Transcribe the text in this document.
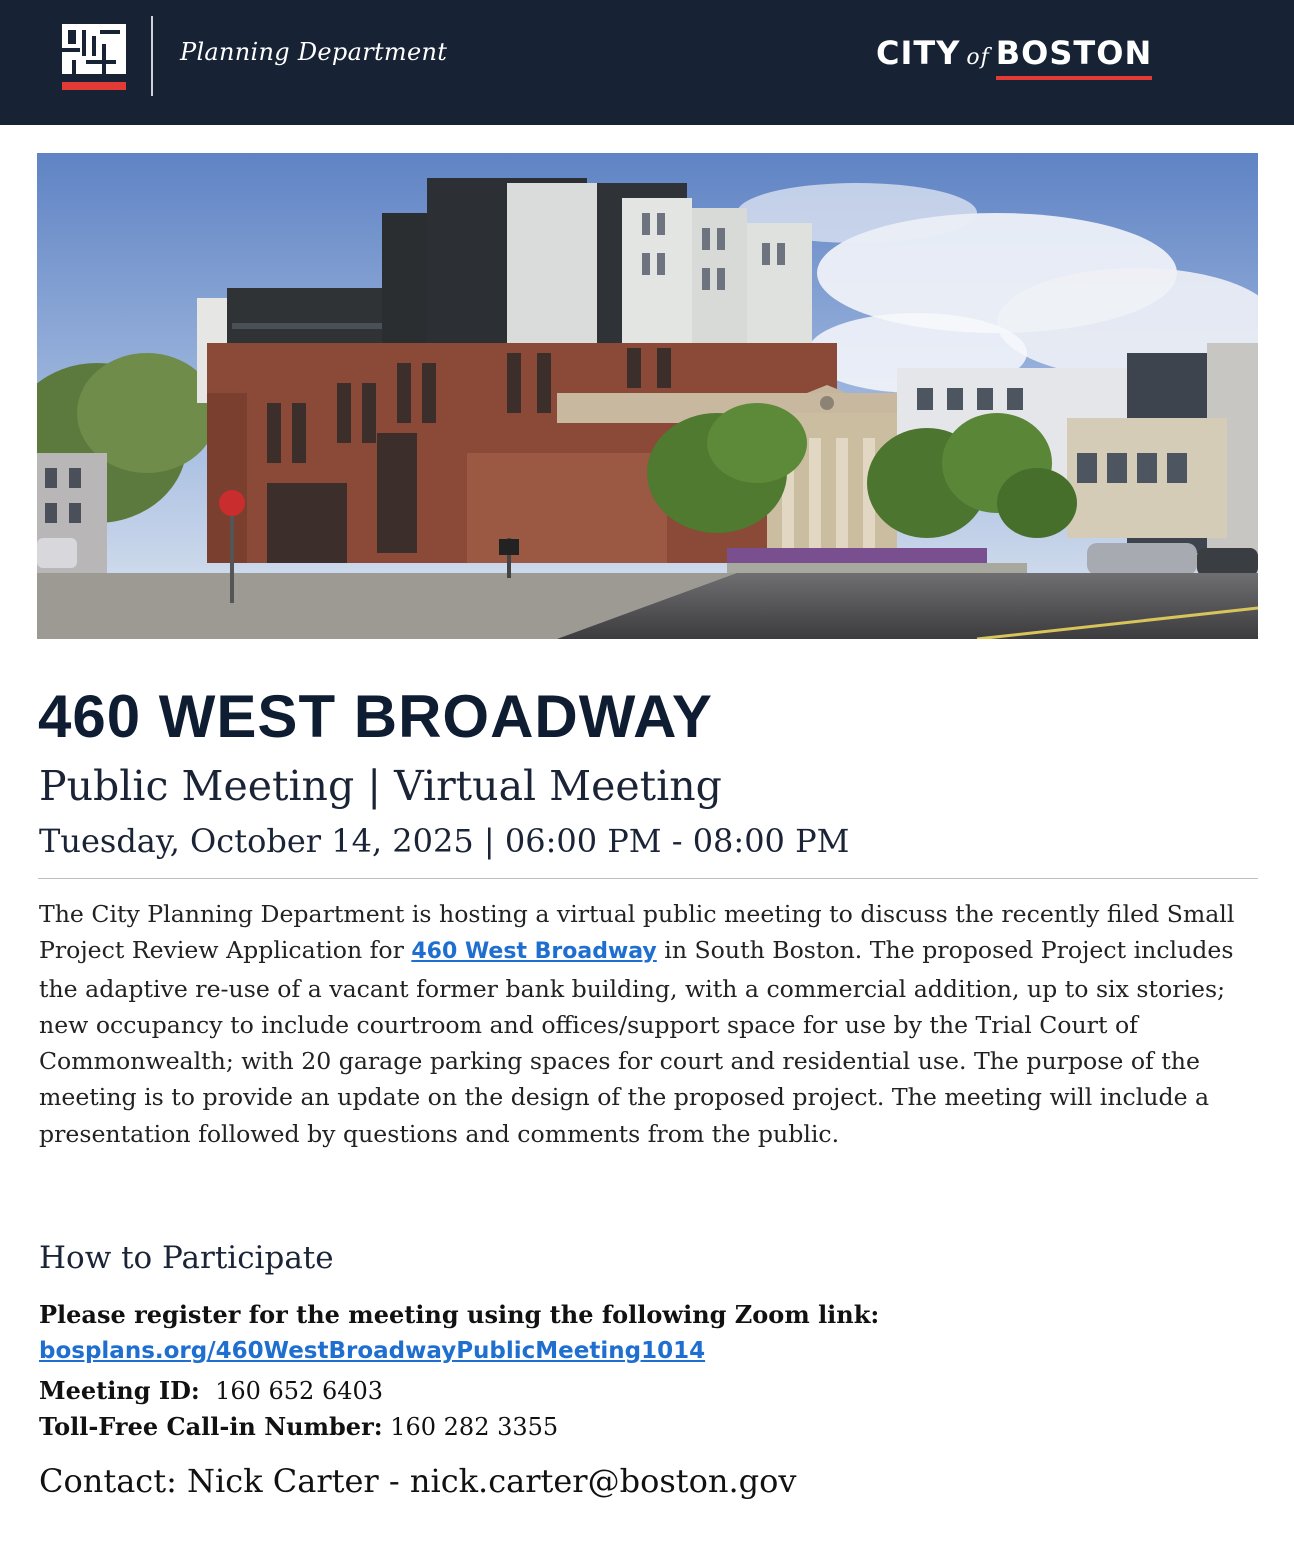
Planning Department	CITY of BOSTON
460 WEST BROADWAY
Public Meeting | Virtual Meeting
Tuesday, October 14, 2025 | 06:00 PM - 08:00 PM
The City Planning Department is hosting a virtual public meeting to discuss the recently filed Small Project Review Application for 460 West Broadway in South Boston. The proposed Project includes the adaptive re-use of a vacant former bank building, with a commercial addition, up to six stories; new occupancy to include courtroom and offices/support space for use by the Trial Court of Commonwealth; with 20 garage parking spaces for court and residential use. The purpose of the meeting is to provide an update on the design of the proposed project. The meeting will include a presentation followed by questions and comments from the public.
How to Participate
Please register for the meeting using the following Zoom link:
bosplans.org/460WestBroadwayPublicMeeting1014
Meeting ID: 160 652 6403
Toll-Free Call-in Number: 160 282 3355
Contact: Nick Carter - nick.carter@boston.gov
